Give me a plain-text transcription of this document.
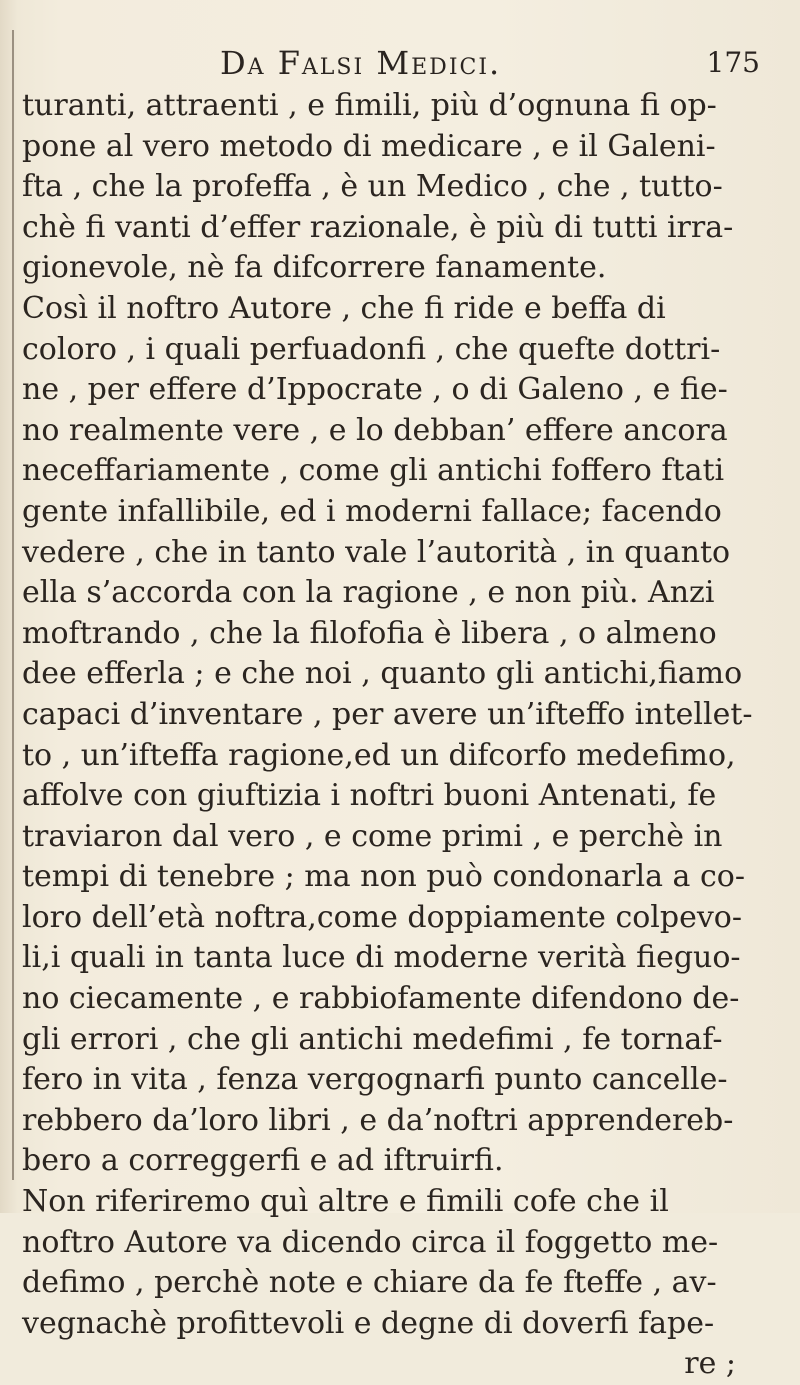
Da Falsi Medici.	175
turanti, attraenti , e fimili, più d’ognuna fi op-
pone al vero metodo di medicare , e il Galeni-
fta , che la profeffa , è un Medico , che , tutto-
chè fi vanti d’effer razionale, è più di tutti irra-
gionevole, nè fa difcorrere fanamente.
Così il noftro Autore , che fi ride e beffa di
coloro , i quali perfuadonfi , che quefte dottri-
ne , per effere d’Ippocrate , o di Galeno , e fie-
no realmente vere , e lo debban’ effere ancora
neceffariamente , come gli antichi foffero ftati
gente infallibile, ed i moderni fallace; facendo
vedere , che in tanto vale l’autorità , in quanto
ella s’accorda con la ragione , e non più. Anzi
moftrando , che la filofofia è libera , o almeno
dee efferla ; e che noi , quanto gli antichi,fiamo
capaci d’inventare , per avere un’ifteffo intellet-
to , un’ifteffa ragione,ed un difcorfo medefimo,
affolve con giuftizia i noftri buoni Antenati, fe
traviaron dal vero , e come primi , e perchè in
tempi di tenebre ; ma non può condonarla a co-
loro dell’età noftra,come doppiamente colpevo-
li,i quali in tanta luce di moderne verità fieguo-
no ciecamente , e rabbiofamente difendono de-
gli errori , che gli antichi medefimi , fe tornaf-
fero in vita , fenza vergognarfi punto cancelle-
rebbero da’loro libri , e da’noftri apprendereb-
bero a correggerfi e ad iftruirfi.
Non riferiremo quì altre e fimili cofe che il
noftro Autore va dicendo circa il foggetto me-
defimo , perchè note e chiare da fe fteffe , av-
vegnachè profittevoli e degne di doverfi fape-
re ;
